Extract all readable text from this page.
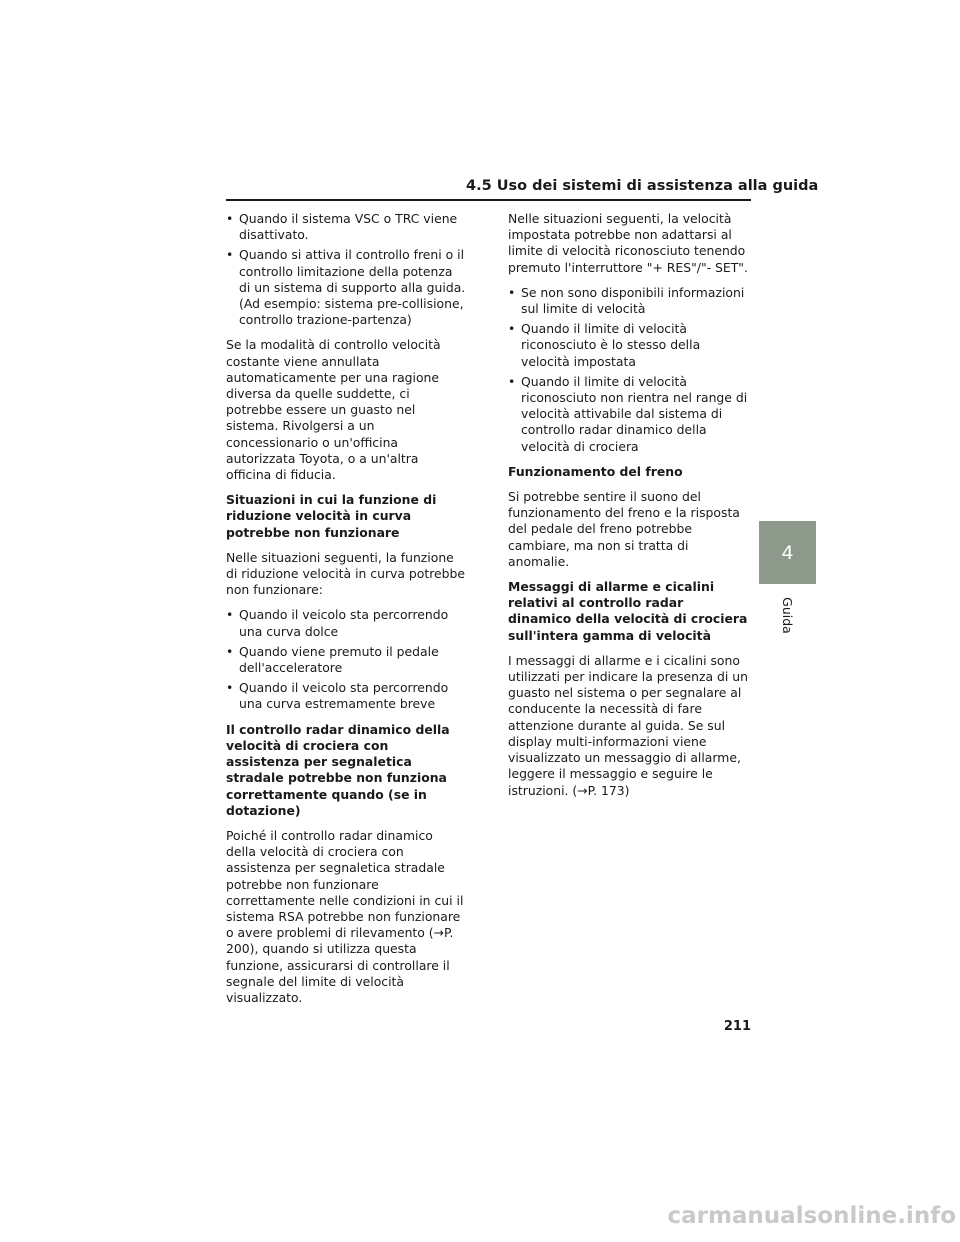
4.5 Uso dei sistemi di assistenza alla guida
• Quando il sistema VSC o TRC viene disattivato.
• Quando si attiva il controllo freni o il controllo limitazione della potenza di un sistema di supporto alla guida. (Ad esempio: sistema pre-collisione, controllo trazione-partenza)

Se la modalità di controllo velocità costante viene annullata automaticamente per una ragione diversa da quelle suddette, ci potrebbe essere un guasto nel sistema. Rivolgersi a un concessionario o un'officina autorizzata Toyota, o a un'altra officina di fiducia.

Situazioni in cui la funzione di riduzione velocità in curva potrebbe non funzionare

Nelle situazioni seguenti, la funzione di riduzione velocità in curva potrebbe non funzionare:

• Quando il veicolo sta percorrendo una curva dolce
• Quando viene premuto il pedale dell'acceleratore
• Quando il veicolo sta percorrendo una curva estremamente breve

Il controllo radar dinamico della velocità di crociera con assistenza per segnaletica stradale potrebbe non funziona correttamente quando (se in dotazione)

Poiché il controllo radar dinamico della velocità di crociera con assistenza per segnaletica stradale potrebbe non funzionare correttamente nelle condizioni in cui il sistema RSA potrebbe non funzionare o avere problemi di rilevamento (→P. 200), quando si utilizza questa funzione, assicurarsi di controllare il segnale del limite di velocità visualizzato.

Nelle situazioni seguenti, la velocità impostata potrebbe non adattarsi al limite di velocità riconosciuto tenendo premuto l'interruttore "+ RES"/"- SET".

• Se non sono disponibili informazioni sul limite di velocità
• Quando il limite di velocità riconosciuto è lo stesso della velocità impostata
• Quando il limite di velocità riconosciuto non rientra nel range di velocità attivabile dal sistema di controllo radar dinamico della velocità di crociera

Funzionamento del freno

Si potrebbe sentire il suono del funzionamento del freno e la risposta del pedale del freno potrebbe cambiare, ma non si tratta di anomalie.

Messaggi di allarme e cicalini relativi al controllo radar dinamico della velocità di crociera sull'intera gamma di velocità

I messaggi di allarme e i cicalini sono utilizzati per indicare la presenza di un guasto nel sistema o per segnalare al conducente la necessità di fare attenzione durante al guida. Se sul display multi-informazioni viene visualizzato un messaggio di allarme, leggere il messaggio e seguire le istruzioni. (→P. 173)

4
Guida
211
carmanualsonline.info
